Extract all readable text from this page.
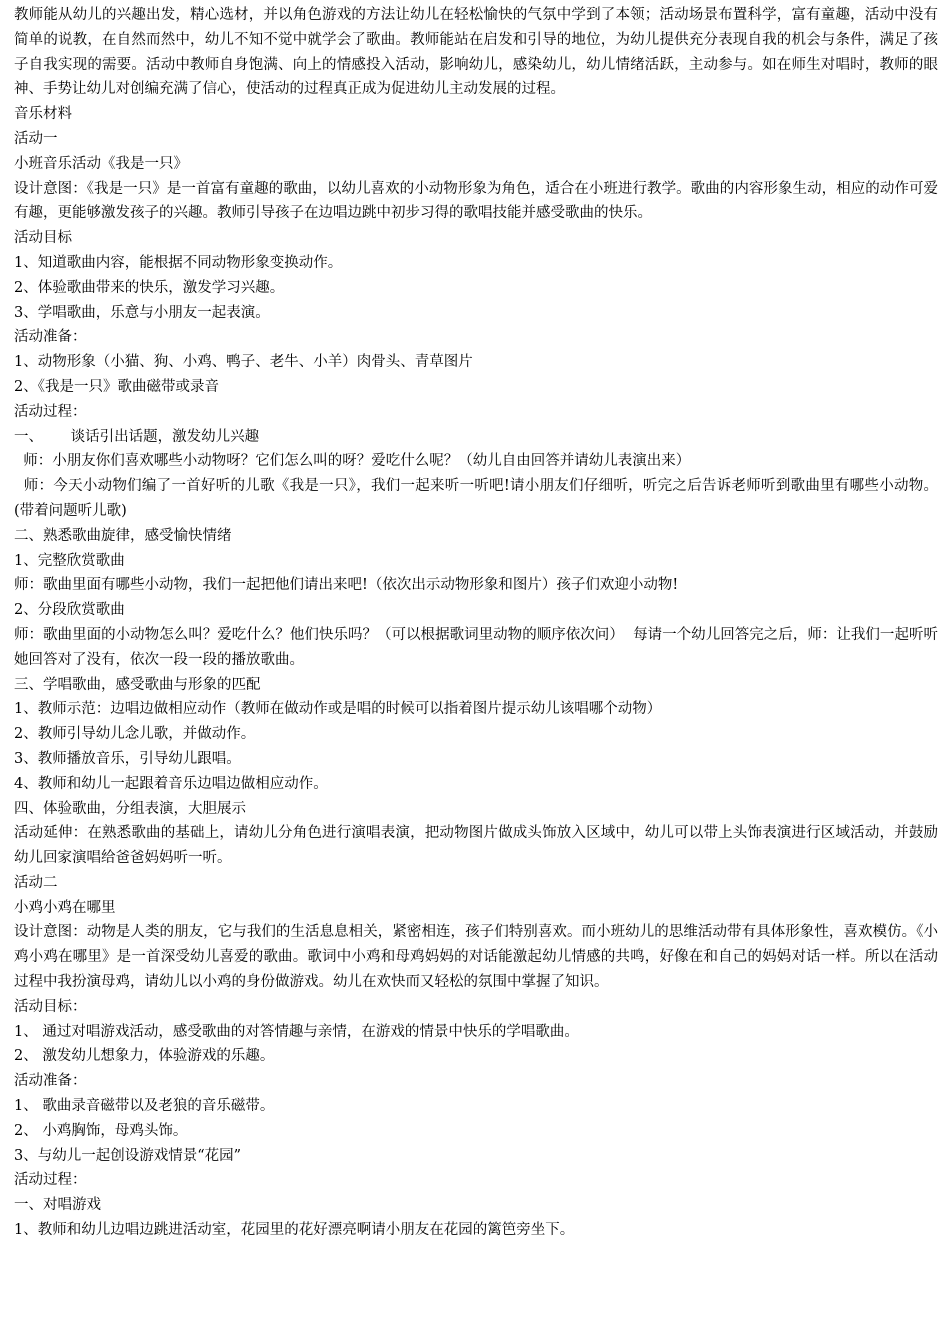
教师能从幼儿的兴趣出发，精心选材，并以角色游戏的方法让幼儿在轻松愉快的气氛中学到了本领；活动场景布置科学，富有童趣，活动中没有简单的说教，在自然而然中，幼儿不知不觉中就学会了歌曲。教师能站在启发和引导的地位，为幼儿提供充分表现自我的机会与条件，满足了孩子自我实现的需要。活动中教师自身饱满、向上的情感投入活动，影响幼儿，感染幼儿，幼儿情绪活跃，主动参与。如在师生对唱时，教师的眼神、手势让幼儿对创编充满了信心，使活动的过程真正成为促进幼儿主动发展的过程。

音乐材料

活动一

小班音乐活动《我是一只》

设计意图：《我是一只》是一首富有童趣的歌曲，以幼儿喜欢的小动物形象为角色，适合在小班进行教学。歌曲的内容形象生动，相应的动作可爱有趣，更能够激发孩子的兴趣。教师引导孩子在边唱边跳中初步习得的歌唱技能并感受歌曲的快乐。

活动目标

1、知道歌曲内容，能根据不同动物形象变换动作。

2、体验歌曲带来的快乐，激发学习兴趣。

3、学唱歌曲，乐意与小朋友一起表演。

活动准备：

1、动物形象（小猫、狗、小鸡、鸭子、老牛、小羊）肉骨头、青草图片

2、《我是一只》歌曲磁带或录音

活动过程：

一、      谈话引出话题，激发幼儿兴趣

师：小朋友你们喜欢哪些小动物呀？它们怎么叫的呀？爱吃什么呢？（幼儿自由回答并请幼儿表演出来）

师：今天小动物们编了一首好听的儿歌《我是一只》，我们一起来听一听吧!请小朋友们仔细听，听完之后告诉老师听到歌曲里有哪些小动物。(带着问题听儿歌)

二、熟悉歌曲旋律，感受愉快情绪

1、完整欣赏歌曲

师：歌曲里面有哪些小动物，我们一起把他们请出来吧!（依次出示动物形象和图片）孩子们欢迎小动物!

2、分段欣赏歌曲

师：歌曲里面的小动物怎么叫？爱吃什么？他们快乐吗？（可以根据歌词里动物的顺序依次问）  每请一个幼儿回答完之后，师：让我们一起听听她回答对了没有，依次一段一段的播放歌曲。

三、学唱歌曲，感受歌曲与形象的匹配

1、教师示范：边唱边做相应动作（教师在做动作或是唱的时候可以指着图片提示幼儿该唱哪个动物）

2、教师引导幼儿念儿歌，并做动作。

3、教师播放音乐，引导幼儿跟唱。

4、教师和幼儿一起跟着音乐边唱边做相应动作。

四、体验歌曲，分组表演，大胆展示

活动延伸：在熟悉歌曲的基础上，请幼儿分角色进行演唱表演，把动物图片做成头饰放入区域中，幼儿可以带上头饰表演进行区域活动，并鼓励幼儿回家演唱给爸爸妈妈听一听。

活动二

小鸡小鸡在哪里

设计意图：动物是人类的朋友，它与我们的生活息息相关，紧密相连，孩子们特别喜欢。而小班幼儿的思维活动带有具体形象性，喜欢模仿。《小鸡小鸡在哪里》是一首深受幼儿喜爱的歌曲。歌词中小鸡和母鸡妈妈的对话能激起幼儿情感的共鸣，好像在和自己的妈妈对话一样。所以在活动过程中我扮演母鸡，请幼儿以小鸡的身份做游戏。幼儿在欢快而又轻松的氛围中掌握了知识。

活动目标：

1、 通过对唱游戏活动，感受歌曲的对答情趣与亲情，在游戏的情景中快乐的学唱歌曲。

2、 激发幼儿想象力，体验游戏的乐趣。

活动准备：

1、 歌曲录音磁带以及老狼的音乐磁带。

2、 小鸡胸饰，母鸡头饰。

3、与幼儿一起创设游戏情景“花园”

活动过程：

一、对唱游戏

1、教师和幼儿边唱边跳进活动室，花园里的花好漂亮啊请小朋友在花园的篱笆旁坐下。
